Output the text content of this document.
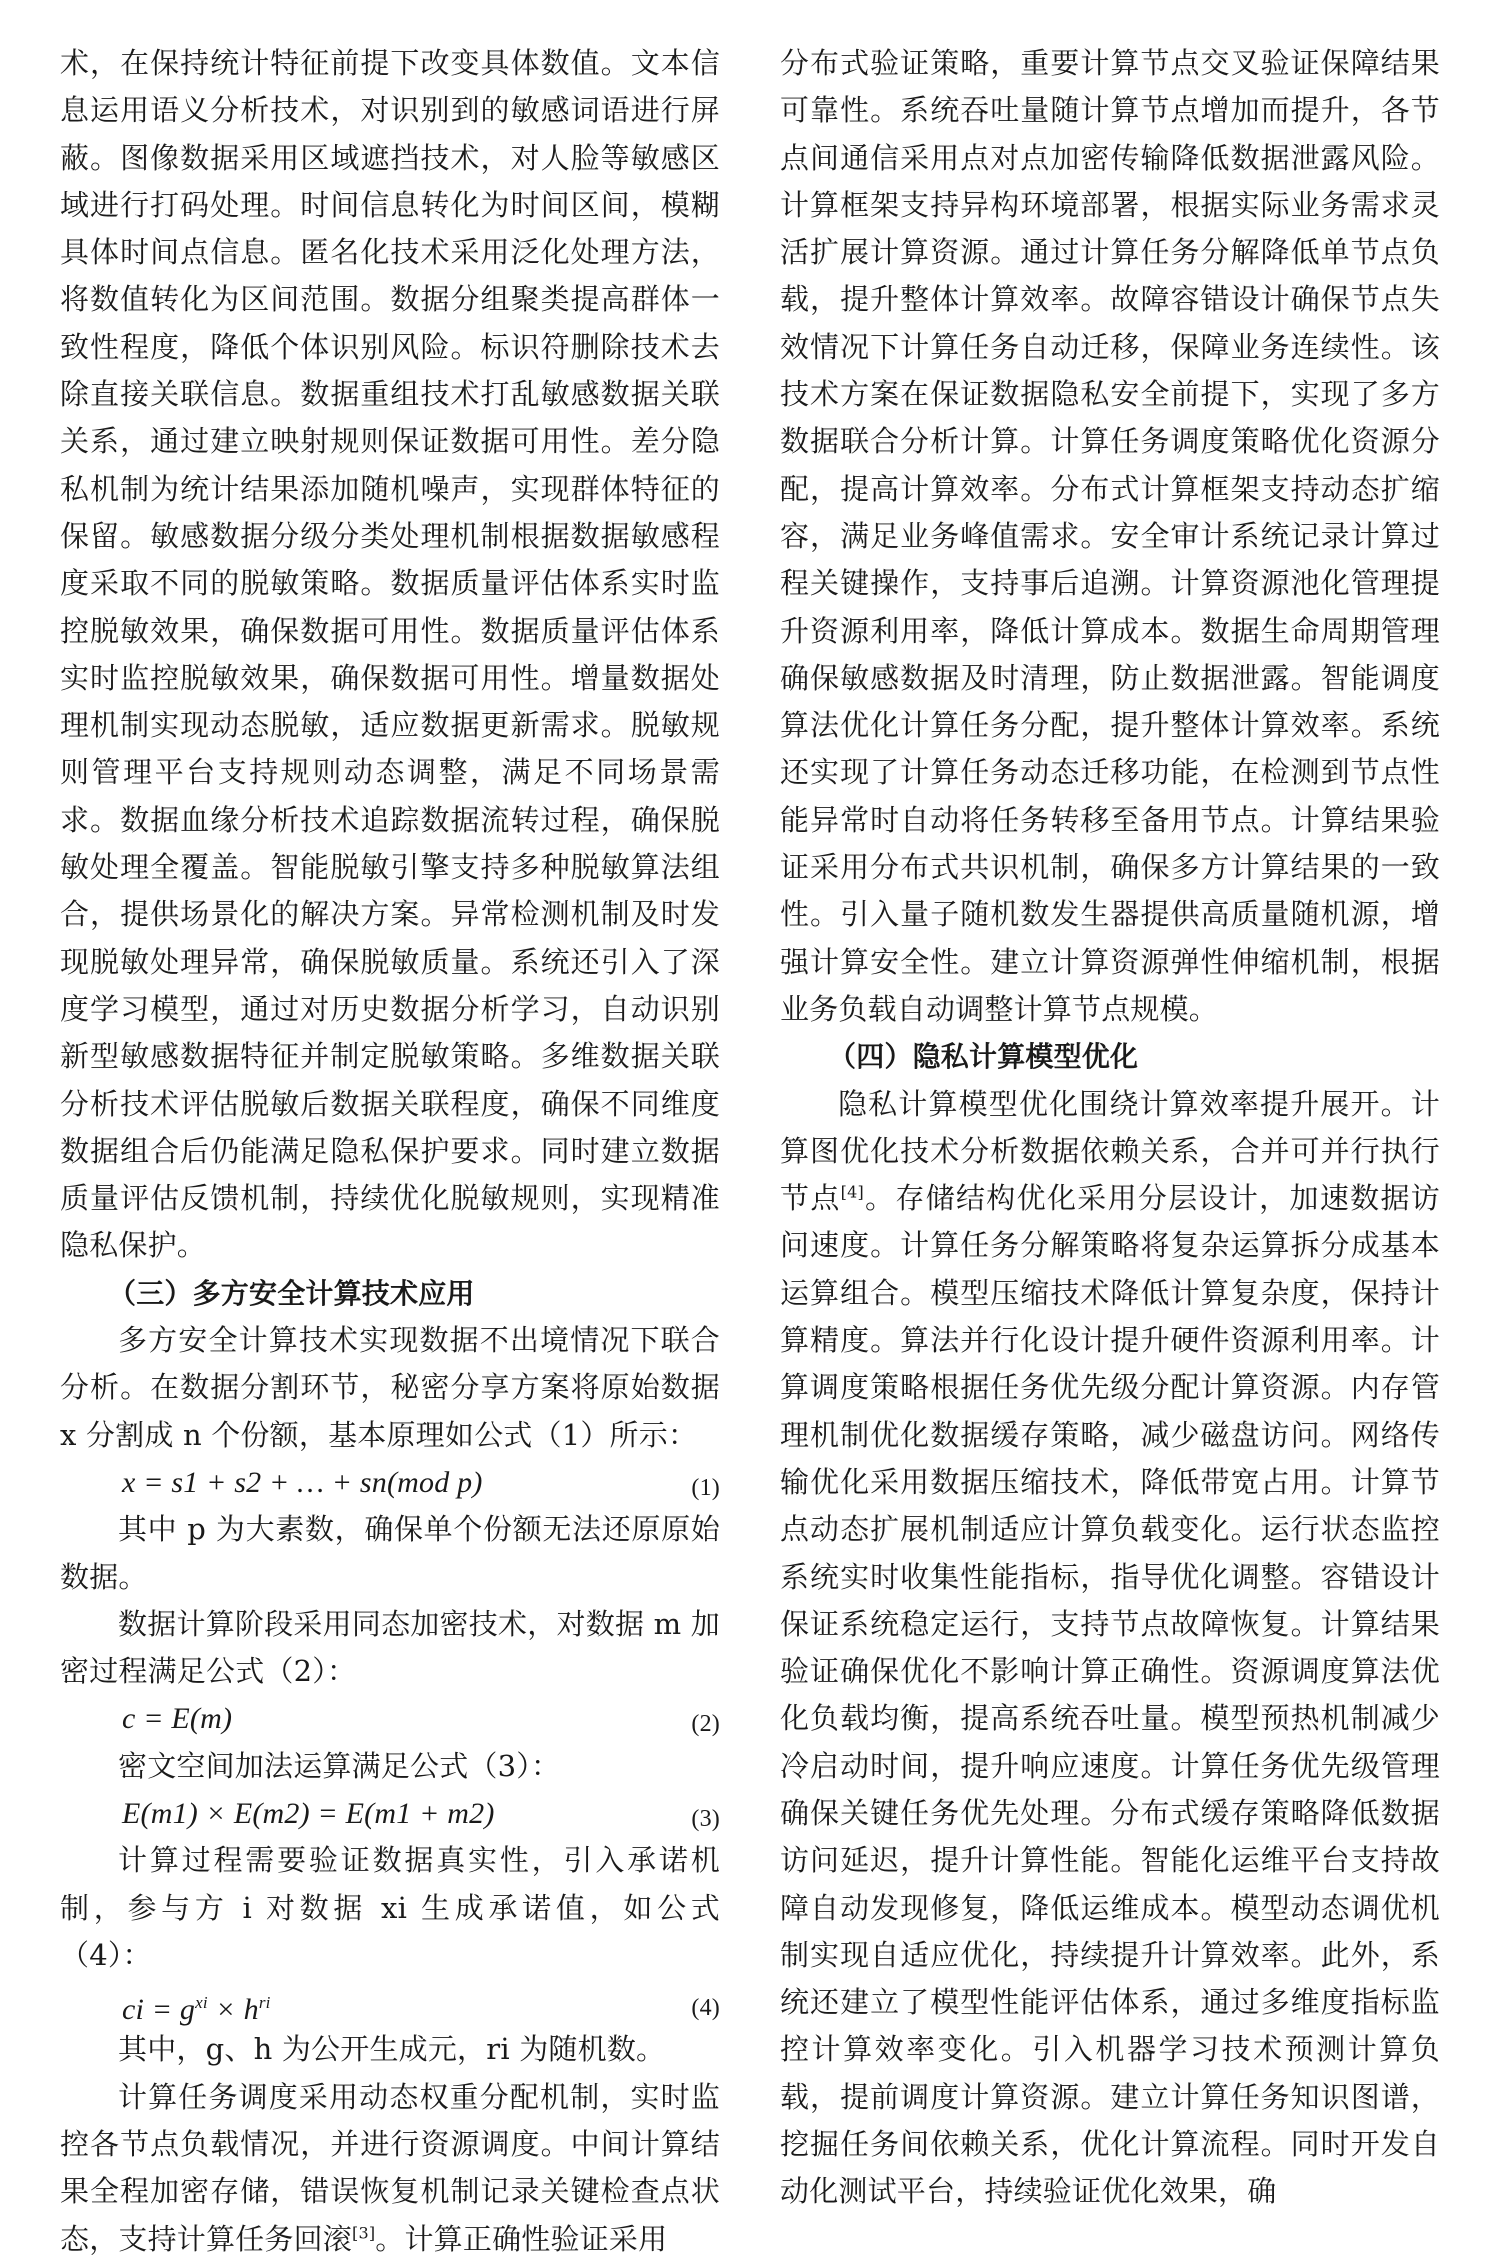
术，在保持统计特征前提下改变具体数值。文本信息运用语义分析技术，对识别到的敏感词语进行屏蔽。图像数据采用区域遮挡技术，对人脸等敏感区域进行打码处理。时间信息转化为时间区间，模糊具体时间点信息。匿名化技术采用泛化处理方法，将数值转化为区间范围。数据分组聚类提高群体一致性程度，降低个体识别风险。标识符删除技术去除直接关联信息。数据重组技术打乱敏感数据关联关系，通过建立映射规则保证数据可用性。差分隐私机制为统计结果添加随机噪声，实现群体特征的保留。敏感数据分级分类处理机制根据数据敏感程度采取不同的脱敏策略。数据质量评估体系实时监控脱敏效果，确保数据可用性。数据质量评估体系实时监控脱敏效果，确保数据可用性。增量数据处理机制实现动态脱敏，适应数据更新需求。脱敏规则管理平台支持规则动态调整，满足不同场景需求。数据血缘分析技术追踪数据流转过程，确保脱敏处理全覆盖。智能脱敏引擎支持多种脱敏算法组合，提供场景化的解决方案。异常检测机制及时发现脱敏处理异常，确保脱敏质量。系统还引入了深度学习模型，通过对历史数据分析学习，自动识别新型敏感数据特征并制定脱敏策略。多维数据关联分析技术评估脱敏后数据关联程度，确保不同维度数据组合后仍能满足隐私保护要求。同时建立数据质量评估反馈机制，持续优化脱敏规则，实现精准隐私保护。

（三）多方安全计算技术应用

多方安全计算技术实现数据不出境情况下联合分析。在数据分割环节，秘密分享方案将原始数据 x 分割成 n 个份额，基本原理如公式（1）所示：

x = s1 + s2 + … + sn(mod p)	(1)

其中 p 为大素数，确保单个份额无法还原原始数据。

数据计算阶段采用同态加密技术，对数据 m 加密过程满足公式（2）：

c = E(m)	(2)

密文空间加法运算满足公式（3）：

E(m1) × E(m2) = E(m1 + m2)	(3)

计算过程需要验证数据真实性，引入承诺机制，参与方 i 对数据 xi 生成承诺值，如公式（4）：

ci = $g^{xi} \times h^{ri}$	(4)

其中，g、h 为公开生成元，ri 为随机数。

计算任务调度采用动态权重分配机制，实时监控各节点负载情况，并进行资源调度。中间计算结果全程加密存储，错误恢复机制记录关键检查点状态，支持计算任务回滚[3]。计算正确性验证采用

分布式验证策略，重要计算节点交叉验证保障结果可靠性。系统吞吐量随计算节点增加而提升，各节点间通信采用点对点加密传输降低数据泄露风险。计算框架支持异构环境部署，根据实际业务需求灵活扩展计算资源。通过计算任务分解降低单节点负载，提升整体计算效率。故障容错设计确保节点失效情况下计算任务自动迁移，保障业务连续性。该技术方案在保证数据隐私安全前提下，实现了多方数据联合分析计算。计算任务调度策略优化资源分配，提高计算效率。分布式计算框架支持动态扩缩容，满足业务峰值需求。安全审计系统记录计算过程关键操作，支持事后追溯。计算资源池化管理提升资源利用率，降低计算成本。数据生命周期管理确保敏感数据及时清理，防止数据泄露。智能调度算法优化计算任务分配，提升整体计算效率。系统还实现了计算任务动态迁移功能，在检测到节点性能异常时自动将任务转移至备用节点。计算结果验证采用分布式共识机制，确保多方计算结果的一致性。引入量子随机数发生器提供高质量随机源，增强计算安全性。建立计算资源弹性伸缩机制，根据业务负载自动调整计算节点规模。

（四）隐私计算模型优化

隐私计算模型优化围绕计算效率提升展开。计算图优化技术分析数据依赖关系，合并可并行执行节点[4]。存储结构优化采用分层设计，加速数据访问速度。计算任务分解策略将复杂运算拆分成基本运算组合。模型压缩技术降低计算复杂度，保持计算精度。算法并行化设计提升硬件资源利用率。计算调度策略根据任务优先级分配计算资源。内存管理机制优化数据缓存策略，减少磁盘访问。网络传输优化采用数据压缩技术，降低带宽占用。计算节点动态扩展机制适应计算负载变化。运行状态监控系统实时收集性能指标，指导优化调整。容错设计保证系统稳定运行，支持节点故障恢复。计算结果验证确保优化不影响计算正确性。资源调度算法优化负载均衡，提高系统吞吐量。模型预热机制减少冷启动时间，提升响应速度。计算任务优先级管理确保关键任务优先处理。分布式缓存策略降低数据访问延迟，提升计算性能。智能化运维平台支持故障自动发现修复，降低运维成本。模型动态调优机制实现自适应优化，持续提升计算效率。此外，系统还建立了模型性能评估体系，通过多维度指标监控计算效率变化。引入机器学习技术预测计算负载，提前调度计算资源。建立计算任务知识图谱，挖掘任务间依赖关系，优化计算流程。同时开发自动化测试平台，持续验证优化效果，确
